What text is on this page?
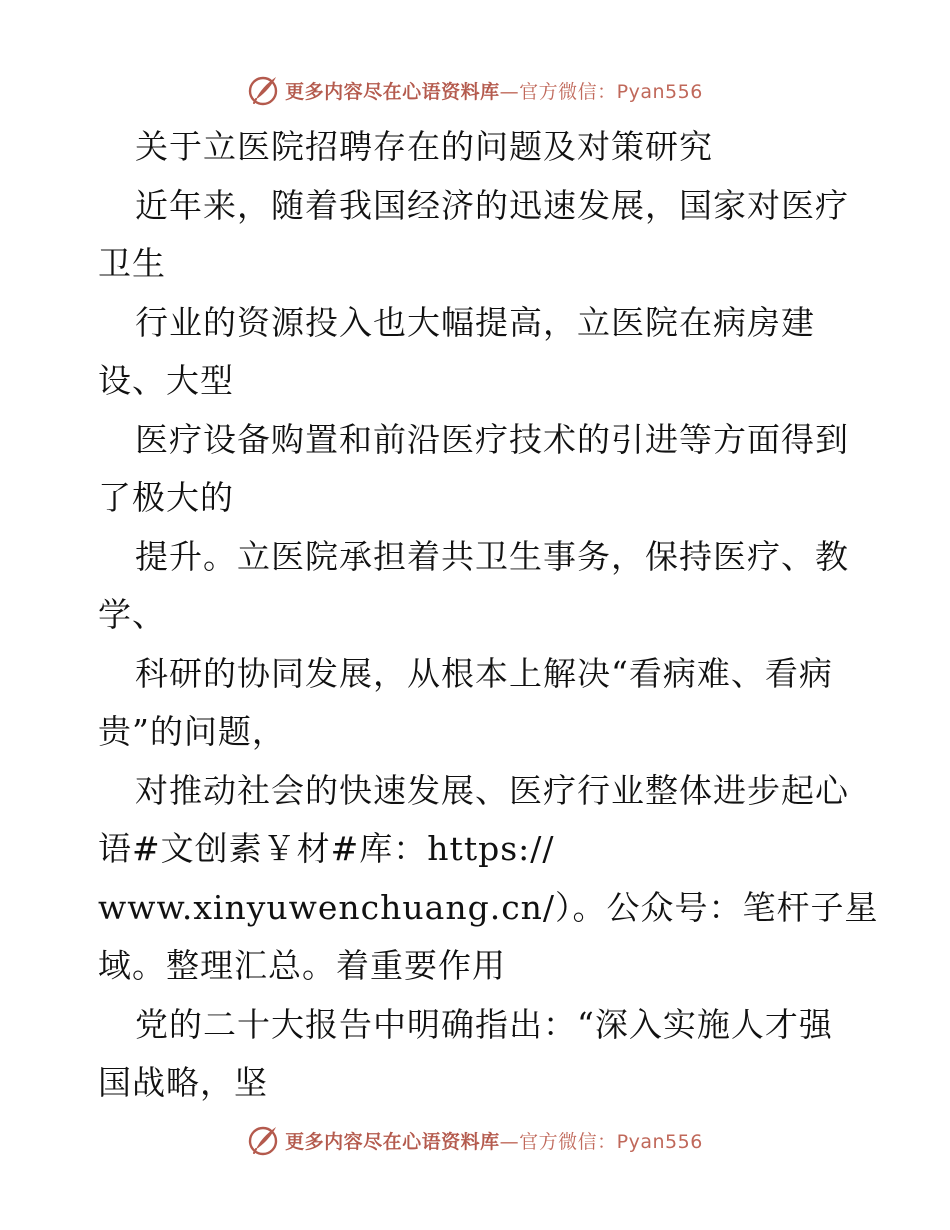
更多内容尽在心语资料库—官方微信：Pyan556
关于立医院招聘存在的问题及对策研究
近年来，随着我国经济的迅速发展，国家对医疗
卫生
行业的资源投入也大幅提高，立医院在病房建
设、大型
医疗设备购置和前沿医疗技术的引进等方面得到
了极大的
提升。立医院承担着共卫生事务，保持医疗、教
学、
科研的协同发展，从根本上解决“看病难、看病
贵”的问题，
对推动社会的快速发展、医疗行业整体进步起心
语#文创素￥材#库：https://
www.xinyuwenchuang.cn/）。公众号：笔杆子星
域。整理汇总。着重要作用
党的二十大报告中明确指出：“深入实施人才强
国战略，坚
更多内容尽在心语资料库—官方微信：Pyan556
